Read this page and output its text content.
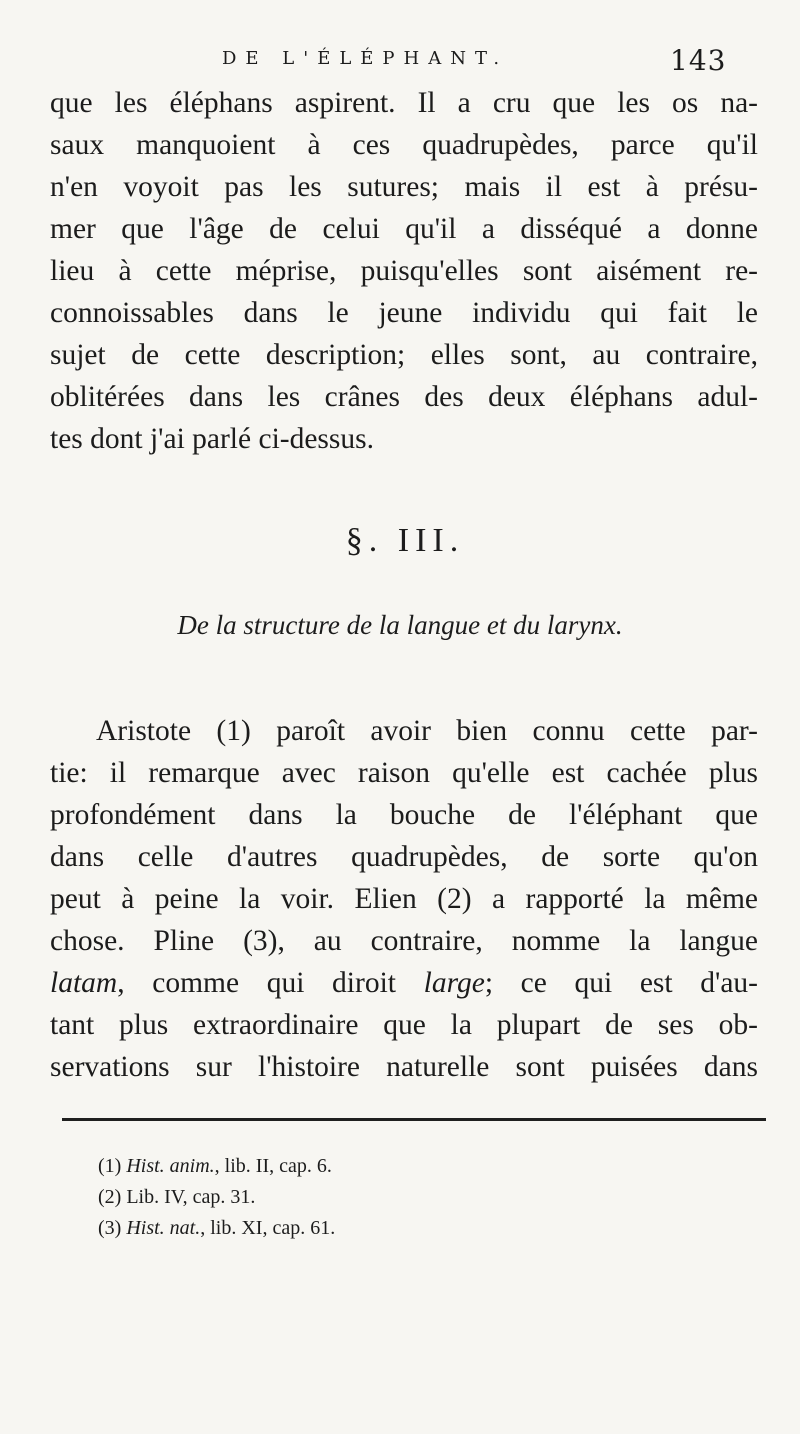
DE L'ÉLÉPHANT.	143
que les éléphans aspirent. Il a cru que les os na-
saux manquoient à ces quadrupèdes, parce qu'il
n'en voyoit pas les sutures; mais il est à présu-
mer que l'âge de celui qu'il a disséqué a donne
lieu à cette méprise, puisqu'elles sont aisément re-
connoissables dans le jeune individu qui fait le
sujet de cette description; elles sont, au contraire,
oblitérées dans les crânes des deux éléphans adul-
tes dont j'ai parlé ci-dessus.
§. III.
De la structure de la langue et du larynx.
Aristote (1) paroît avoir bien connu cette par-
tie: il remarque avec raison qu'elle est cachée plus
profondément dans la bouche de l'éléphant que
dans celle d'autres quadrupèdes, de sorte qu'on
peut à peine la voir. Elien (2) a rapporté la même
chose. Pline (3), au contraire, nomme la langue
latam, comme qui diroit large; ce qui est d'au-
tant plus extraordinaire que la plupart de ses ob-
servations sur l'histoire naturelle sont puisées dans
(1) Hist. anim., lib. II, cap. 6.
(2) Lib. IV, cap. 31.
(3) Hist. nat., lib. XI, cap. 61.
